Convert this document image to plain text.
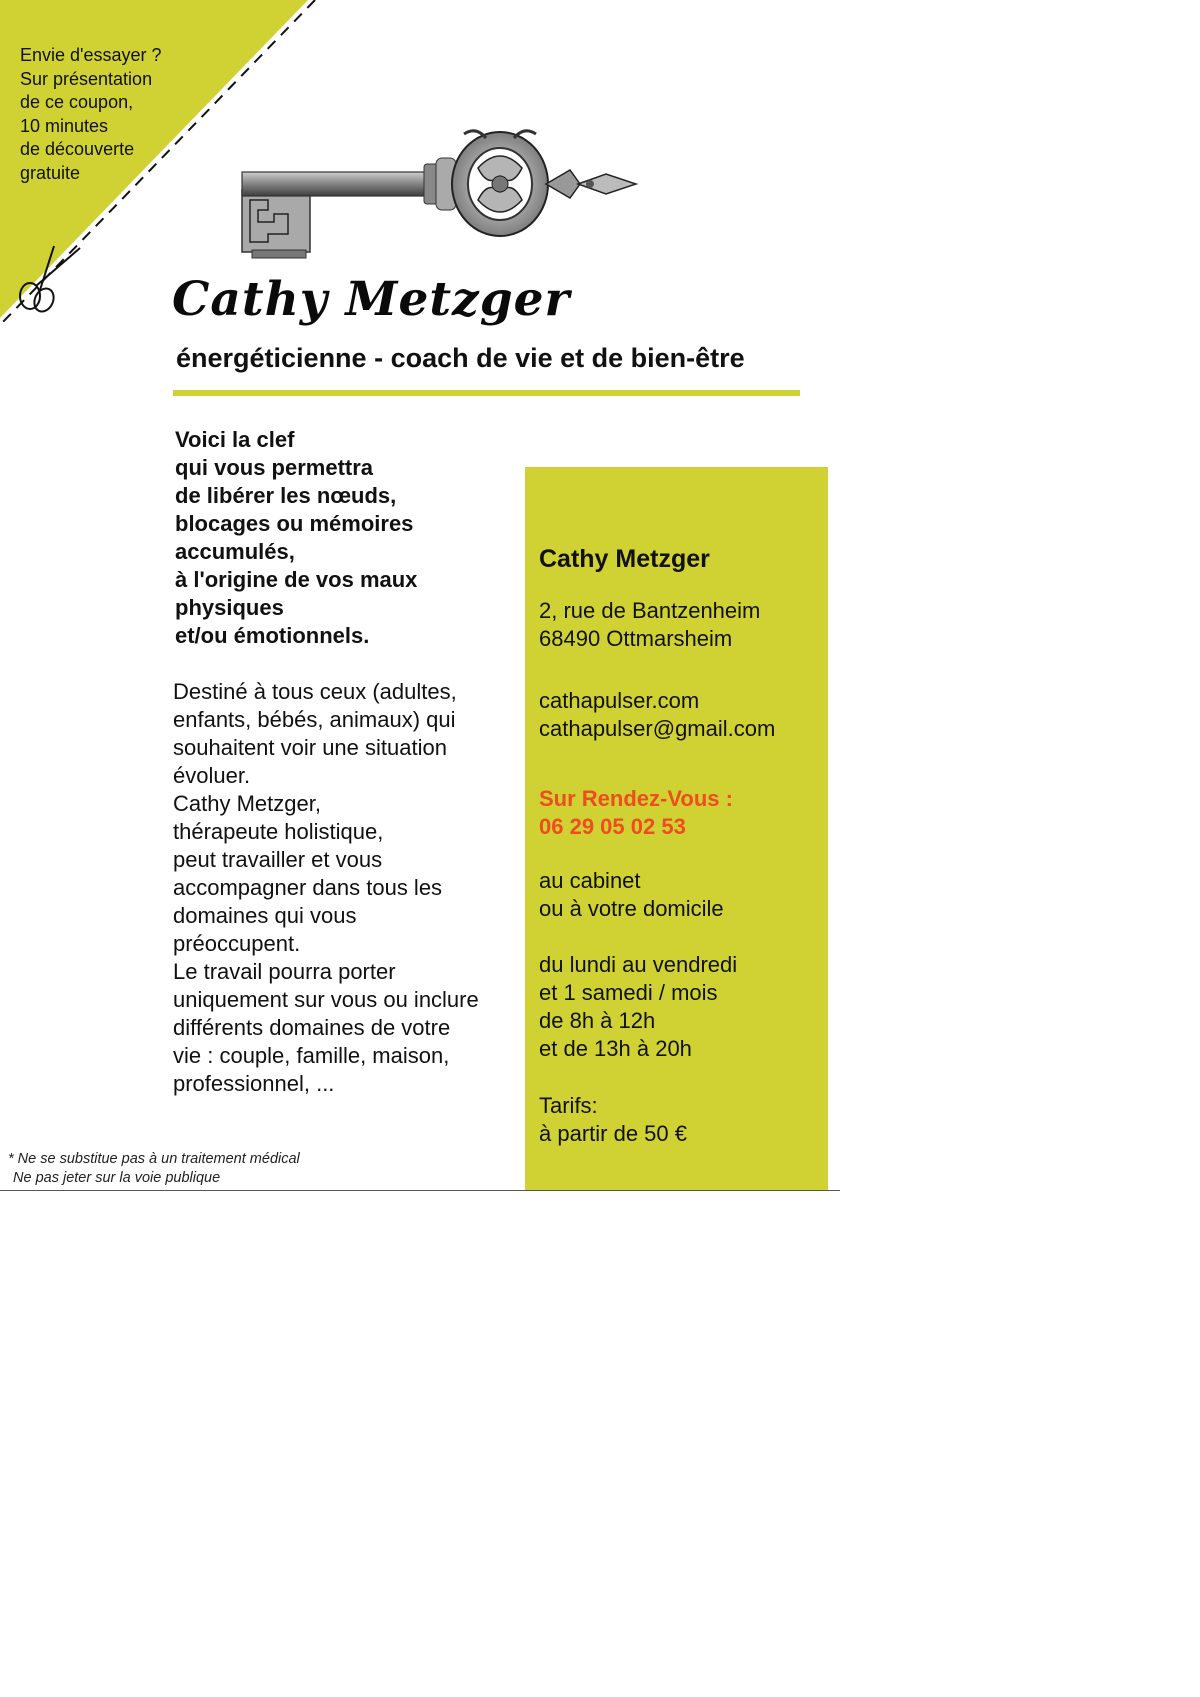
Envie d'essayer ?
Sur présentation
de ce coupon,
10 minutes
de découverte
gratuite
Cathy Metzger
énergéticienne - coach de vie et de bien-être
Voici la clef
qui vous permettra
de libérer les nœuds,
blocages ou mémoires
accumulés,
à l'origine de vos maux
physiques
et/ou émotionnels.
Destiné à tous ceux (adultes,
enfants, bébés, animaux) qui
souhaitent voir une situation
évoluer.
Cathy Metzger,
thérapeute holistique,
peut travailler et vous
accompagner dans tous les
domaines qui vous
préoccupent.
Le travail pourra porter
uniquement sur vous ou inclure
différents domaines de votre
vie : couple, famille, maison,
professionnel, ...
Cathy Metzger
2, rue de Bantzenheim
68490 Ottmarsheim
cathapulser.com
cathapulser@gmail.com
Sur Rendez-Vous :
06 29 05 02 53
au cabinet
ou à votre domicile
du lundi au vendredi
et 1 samedi / mois
de 8h à 12h
et de 13h à 20h
Tarifs:
à partir de 50 €
* Ne se substitue pas à un traitement médical
Ne pas jeter sur la voie publique
